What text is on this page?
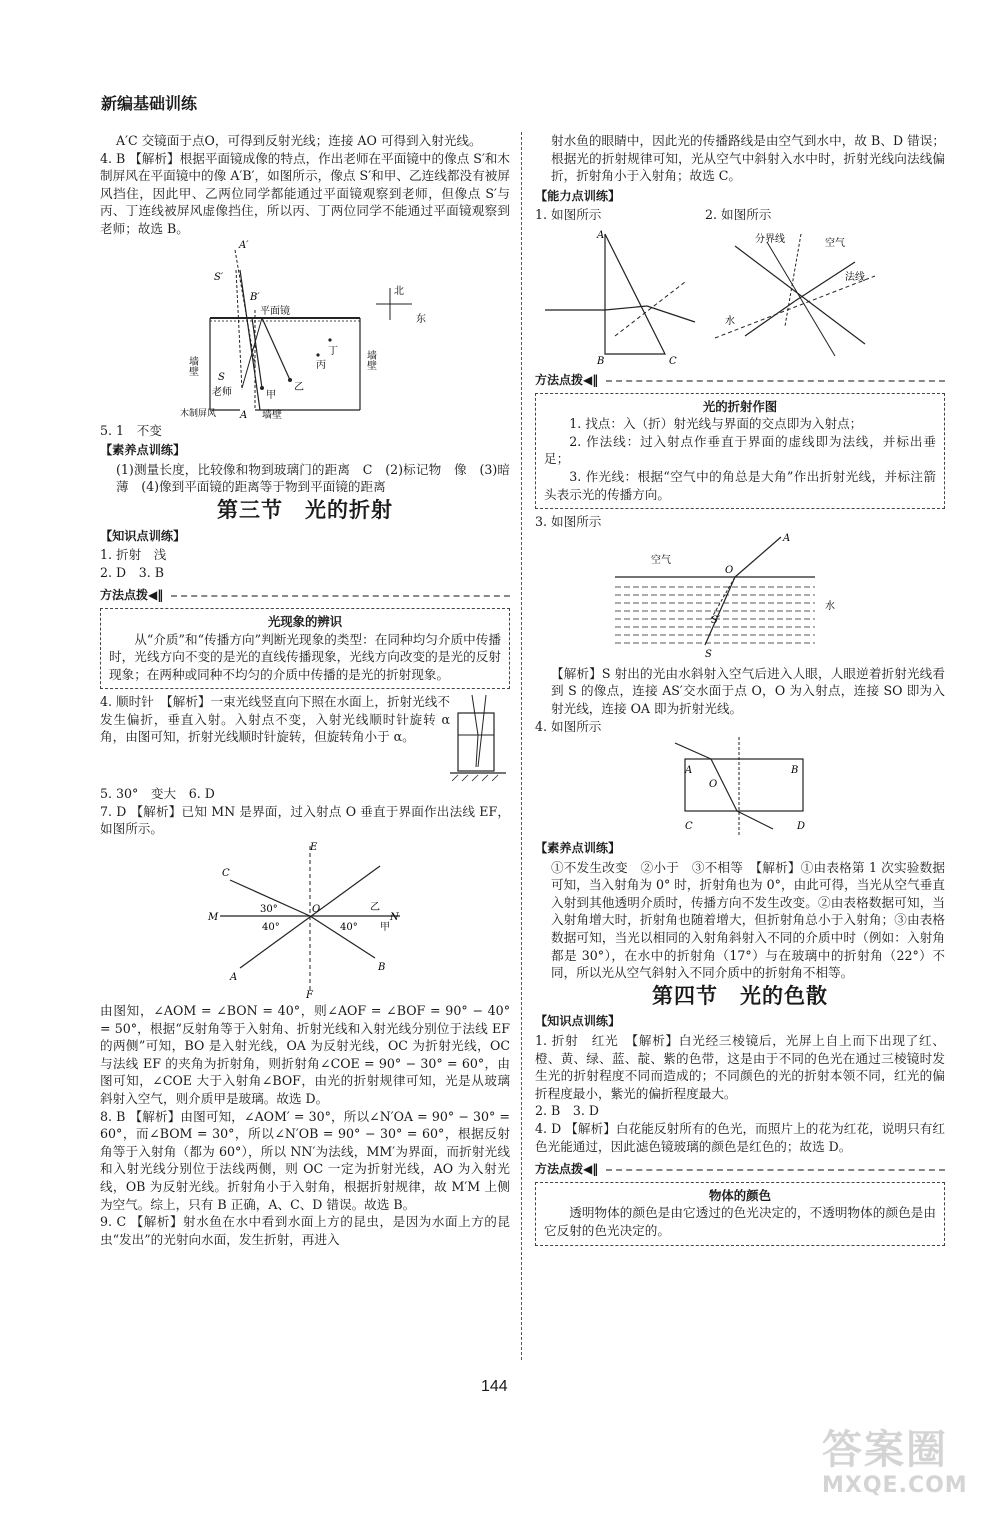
新编基础训练

A′C 交镜面于点O，可得到反射光线；连接 AO 可得到入射光线。

4. B 【解析】根据平面镜成像的特点，作出老师在平面镜中的像点 S′和木制屏风在平面镜中的像 A′B′，如图所示，像点 S′和甲、乙连线都没有被屏风挡住，因此甲、乙两位同学都能通过平面镜观察到老师，但像点 S′与丙、丁连线被屏风虚像挡住，所以丙、丁两位同学不能通过平面镜观察到老师；故选 B。

A′
S′
B′
平面镜
北
东
墙壁	墙壁
S
老师	甲
乙
丙
丁
木制屏风 A 墙壁

5. 1　不变

【素养点训练】

(1)测量长度，比较像和物到玻璃门的距离　C　(2)标记物　像　(3)暗　薄　(4)像到平面镜的距离等于物到平面镜的距离

第三节　光的折射
【知识点训练】

1. 折射　浅

2. D　3. B

方法点拨 ◀‖
光现象的辨识

从“介质”和“传播方向”判断光现象的类型：在同种均匀介质中传播时，光线方向不变的是光的直线传播现象，光线方向改变的是光的反射现象；在两种或同种不均匀的介质中传播的是光的折射现象。

4. 顺时针　【解析】一束光线竖直向下照在水面上，折射光线不发生偏折，垂直入射。入射点不变，入射光线顺时针旋转 α 角，由图可知，折射光线顺时针旋转，但旋转角小于 α。

5. 30°　变大　6. D

7. D 【解析】已知 MN 是界面，过入射点 O 垂直于界面作出法线 EF，如图所示。

E
C
M
O	乙
N
30°
40°	40° 甲
A
B
F

由图知，∠AOM = ∠BON = 40°，则∠AOF = ∠BOF = 90° − 40° = 50°，根据“反射角等于入射角、折射光线和入射光线分别位于法线 EF 的两侧”可知，BO 是入射光线，OA 为反射光线，OC 为折射光线，OC 与法线 EF 的夹角为折射角，则折射角∠COE = 90° − 30° = 60°，由图可知，∠COE 大于入射角∠BOF，由光的折射规律可知，光是从玻璃斜射入空气，则介质甲是玻璃。故选 D。

8. B 【解析】由图可知，∠AOM′ = 30°，所以∠N′OA = 90° − 30° = 60°，而∠BOM = 30°，所以∠N′OB = 90° − 30° = 60°，根据反射角等于入射角（都为 60°），所以 NN′为法线，MM′为界面，而折射光线和入射光线分别位于法线两侧，则 OC 一定为折射光线，AO 为入射光线，OB 为反射光线。折射角小于入射角，根据折射规律，故 M′M 上侧为空气。综上，只有 B 正确，A、C、D 错误。故选 B。

9. C 【解析】射水鱼在水中看到水面上方的昆虫，是因为水面上方的昆虫“发出”的光射向水面，发生折射，再进入

射水鱼的眼睛中，因此光的传播路线是由空气到水中，故 B、D 错误；根据光的折射规律可知，光从空气中斜射入水中时，折射光线向法线偏折，折射角小于入射角；故选 C。

【能力点训练】
1. 如图所示	2. 如图所示
A
B	C
分界线	空气
法线
水
方法点拨 ◀‖
光的折射作图

1. 找点：入（折）射光线与界面的交点即为入射点；

2. 作法线：过入射点作垂直于界面的虚线即为法线，并标出垂足；

3. 作光线：根据“空气中的角总是大角”作出折射光线，并标注箭头表示光的传播方向。

3. 如图所示

A
空气
O
水
S′
S

【解析】S 射出的光由水斜射入空气后进入人眼，人眼逆着折射光线看到 S 的像点，连接 AS′交水面于点 O，O 为入射点，连接 SO 即为入射光线，连接 OA 即为折射光线。

4. 如图所示

A
O
B
C	D
【素养点训练】

①不发生改变　②小于　③不相等　【解析】①由表格第 1 次实验数据可知，当入射角为 0° 时，折射角也为 0°，由此可得，当光从空气垂直入射到其他透明介质时，传播方向不发生改变。②由表格数据可知，当入射角增大时，折射角也随着增大，但折射角总小于入射角；③由表格数据可知，当光以相同的入射角斜射入不同的介质中时（例如：入射角都是 30°），在水中的折射角（17°）与在玻璃中的折射角（22°）不同，所以光从空气斜射入不同介质中的折射角不相等。

第四节　光的色散
【知识点训练】

1. 折射　红光　【解析】白光经三棱镜后，光屏上自上而下出现了红、橙、黄、绿、蓝、靛、紫的色带，这是由于不同的色光在通过三棱镜时发生光的折射程度不同而造成的；不同颜色的光的折射本领不同，红光的偏折程度最小，紫光的偏折程度最大。

2. B　3. D

4. D 【解析】白花能反射所有的色光，而照片上的花为红花，说明只有红色光能通过，因此滤色镜玻璃的颜色是红色的；故选 D。

方法点拨 ◀‖
物体的颜色

透明物体的颜色是由它透过的色光决定的，不透明物体的颜色是由它反射的色光决定的。

144
答案圈
MXQE.COM
